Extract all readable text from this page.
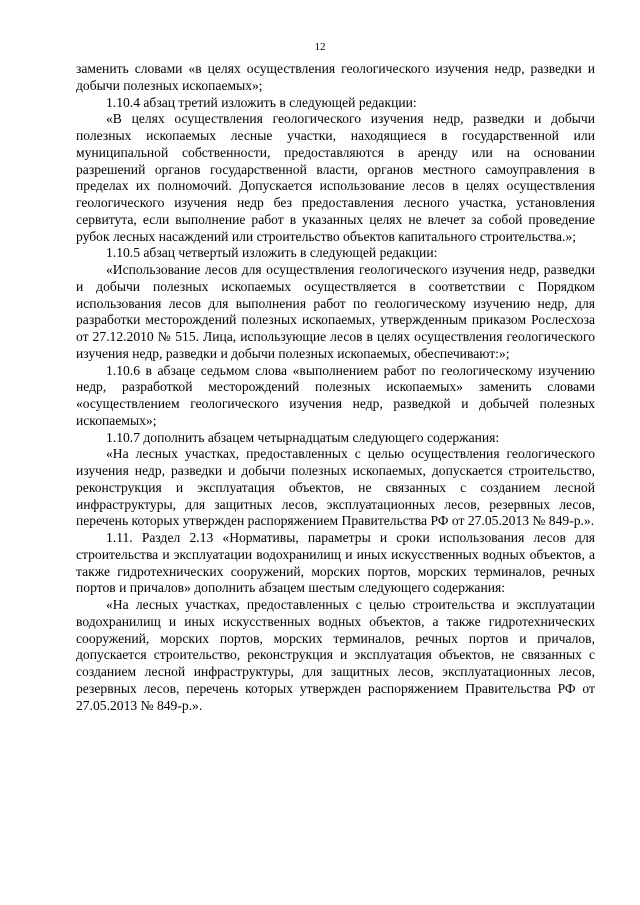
12

заменить словами «в целях осуществления геологического изучения недр, разведки и добычи полезных ископаемых»;

1.10.4 абзац третий изложить в следующей редакции:

«В целях осуществления геологического изучения недр, разведки и добычи полезных ископаемых лесные участки, находящиеся в государственной или муниципальной собственности, предоставляются в аренду или на основании разрешений органов государственной власти, органов местного самоуправления в пределах их полномочий. Допускается использование лесов в целях осуществления геологического изучения недр без предоставления лесного участка, установления сервитута, если выполнение работ в указанных целях не влечет за собой проведение рубок лесных насаждений или строительство объектов капитального строительства.»;

1.10.5 абзац четвертый изложить в следующей редакции:

«Использование лесов для осуществления геологического изучения недр, разведки и добычи полезных ископаемых осуществляется в соответствии с Порядком использования лесов для выполнения работ по геологическому изучению недр, для разработки месторождений полезных ископаемых, утвержденным приказом Рослесхоза от 27.12.2010 № 515. Лица, использующие лесов в целях осуществления геологического изучения недр, разведки и добычи полезных ископаемых, обеспечивают:»;

1.10.6 в абзаце седьмом слова «выполнением работ по геологическому изучению недр, разработкой месторождений полезных ископаемых» заменить словами «осуществлением геологического изучения недр, разведкой и добычей полезных ископаемых»;

1.10.7 дополнить абзацем четырнадцатым следующего содержания:

«На лесных участках, предоставленных с целью осуществления геологического изучения недр, разведки и добычи полезных ископаемых, допускается строительство, реконструкция и эксплуатация объектов, не связанных с созданием лесной инфраструктуры, для защитных лесов, эксплуатационных лесов, резервных лесов, перечень которых утвержден распоряжением Правительства РФ от 27.05.2013 № 849-р.».

1.11. Раздел 2.13 «Нормативы, параметры и сроки использования лесов для строительства и эксплуатации водохранилищ и иных искусственных водных объектов, а также гидротехнических сооружений, морских портов, морских терминалов, речных портов и причалов» дополнить абзацем шестым следующего содержания:

«На лесных участках, предоставленных с целью строительства и эксплуатации водохранилищ и иных искусственных водных объектов, а также гидротехнических сооружений, морских портов, морских терминалов, речных портов и причалов, допускается строительство, реконструкция и эксплуатация объектов, не связанных с созданием лесной инфраструктуры, для защитных лесов, эксплуатационных лесов, резервных лесов, перечень которых утвержден распоряжением Правительства РФ от 27.05.2013 № 849-р.».
